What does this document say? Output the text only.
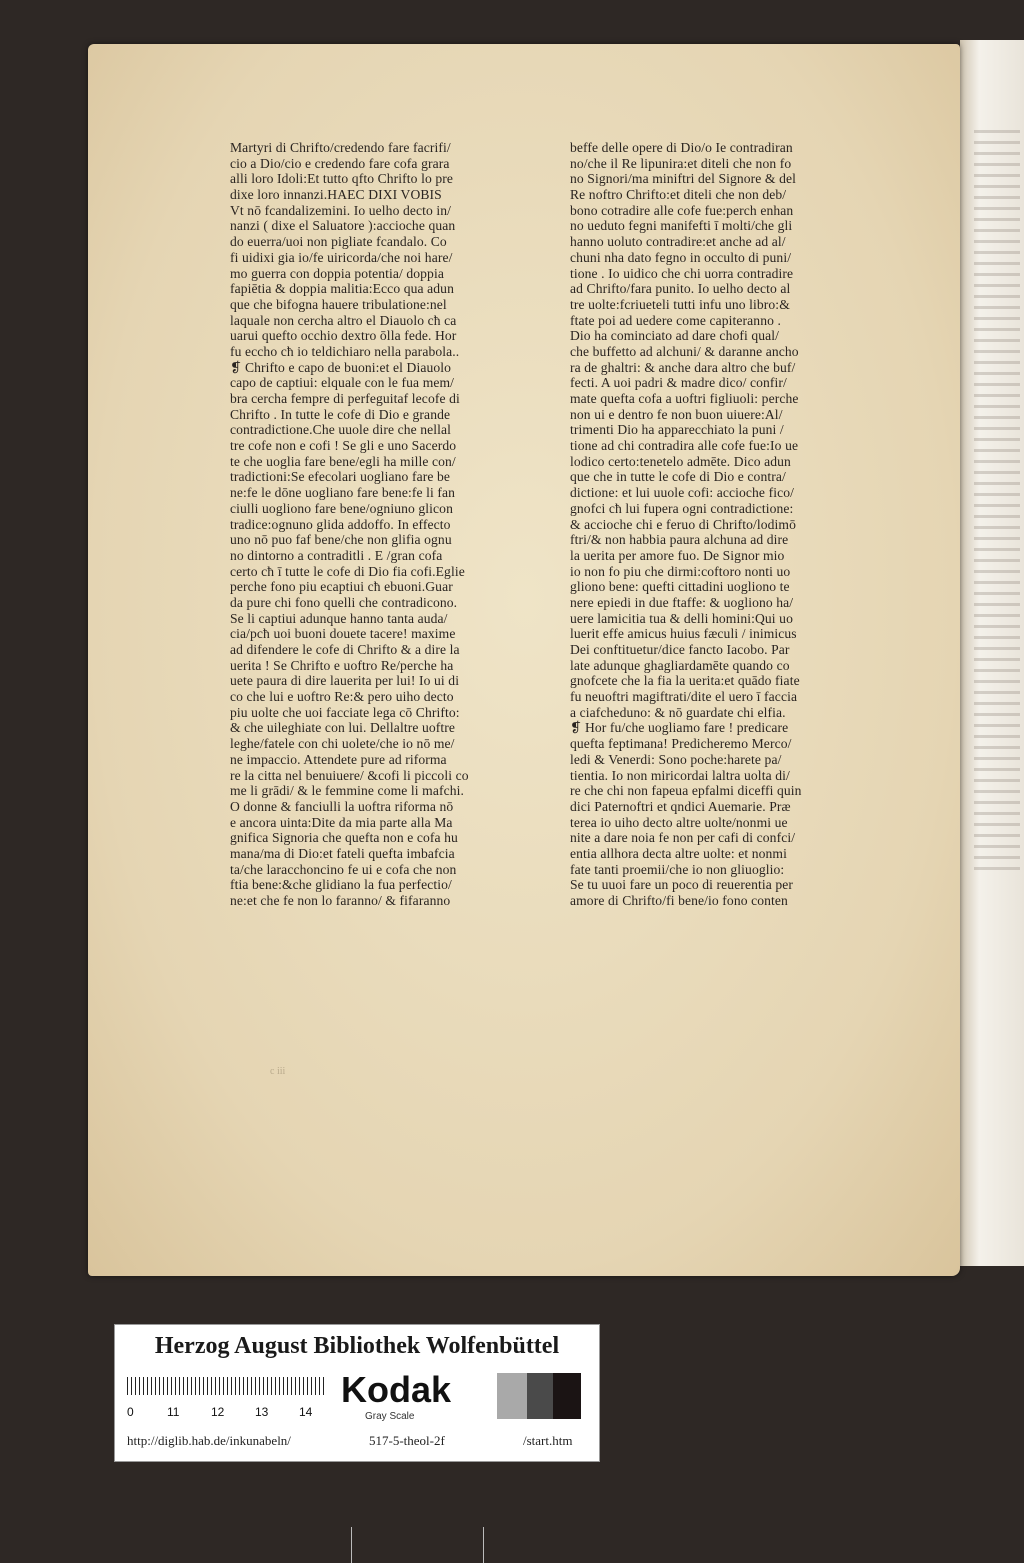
Martyri di Chrifto/credendo fare facrifi/
cio a Dio/cio e credendo fare cofa grara
alli loro Idoli:Et tutto qfto Chrifto lo pre
dixe loro innanzi.HAEC DIXI VOBIS
Vt nō fcandalizemini. Io uelho decto in/
nanzi ( dixe el Saluatore ):accioche quan
do euerra/uoi non pigliate fcandalo. Co
fi uidixi gia io/fe uiricorda/che noi hare/
mo guerra con doppia potentia/ doppia
fapiētia & doppia malitia:Ecco qua adun
que che bifogna hauere tribulatione:nel
laquale non cercha altro el Diauolo cħ ca
uarui quefto occhio dextro ōlla fede. Hor
fu eccho cħ io teldichiaro nella parabola..
❡ Chrifto e capo de buoni:et el Diauolo
capo de captiui: elquale con le fua mem/
bra cercha fempre di perfeguitaf lecofe di
Chrifto . In tutte le cofe di Dio e grande
contradictione.Che uuole dire che nellal
tre cofe non e cofi ! Se gli e uno Sacerdo
te che uoglia fare bene/egli ha mille con/
tradictioni:Se efecolari uogliano fare be
ne:fe le dōne uogliano fare bene:fe li fan
ciulli uogliono fare bene/ogniuno glicon
tradice:ognuno glida addoffo. In effecto
uno nō puo faf bene/che non glifia ognu
no dintorno a contraditli . E /gran cofa
certo cħ ī tutte le cofe di Dio fia cofi.Eglie
perche fono piu ecaptiui cħ ebuoni.Guar
da pure chi fono quelli che contradicono.
Se li captiui adunque hanno tanta auda/
cia/pcħ uoi buoni douete tacere! maxime
ad difendere le cofe di Chrifto & a dire la
uerita ! Se Chrifto e uoftro Re/perche ha
uete paura di dire lauerita per lui! Io ui di
co che lui e uoftro Re:& pero uiho decto
piu uolte che uoi facciate lega cō Chrifto:
& che uileghiate con lui. Dellaltre uoftre
leghe/fatele con chi uolete/che io nō me/
ne impaccio. Attendete pure ad riforma
re la citta nel benuiuere/ &cofi li piccoli co
me li grādi/ & le femmine come li mafchi.
O donne & fanciulli la uoftra riforma nō
e ancora uinta:Dite da mia parte alla Ma
gnifica Signoria che quefta non e cofa hu
mana/ma di Dio:et fateli quefta imbafcia
ta/che laracchoncino fe ui e cofa che non
ftia bene:&che glidiano la fua perfectio/
ne:et che fe non lo faranno/ & fifaranno
beffe delle opere di Dio/o Ie contradiran
no/che il Re lipunira:et diteli che non fo
no Signori/ma miniftri del Signore & del
Re noftro Chrifto:et diteli che non deb/
bono cotradire alle cofe fue:perch enhan
no ueduto fegni manifefti ī molti/che gli
hanno uoluto contradire:et anche ad al/
chuni nha dato fegno in occulto di puni/
tione . Io uidico che chi uorra contradire
ad Chrifto/fara punito. Io uelho decto al
tre uolte:fcriueteli tutti infu uno libro:&
ftate poi ad uedere come capiteranno .
Dio ha cominciato ad dare chofi qual/
che buffetto ad alchuni/ & daranne ancho
ra de ghaltri: & anche dara altro che buf/
fecti. A uoi padri & madre dico/ confir/
mate quefta cofa a uoftri figliuoli: perche
non ui e dentro fe non buon uiuere:Al/
trimenti Dio ha apparecchiato la puni /
tione ad chi contradira alle cofe fue:Io ue
lodico certo:tenetelo admēte. Dico adun
que che in tutte le cofe di Dio e contra/
dictione: et lui uuole cofi: accioche fico/
gnofci cħ lui fupera ogni contradictione:
& accioche chi e feruo di Chrifto/lodimō
ftri/& non habbia paura alchuna ad dire
la uerita per amore fuo. De Signor mio
io non fo piu che dirmi:coftoro nonti uo
gliono bene: quefti cittadini uogliono te
nere epiedi in due ftaffe: & uogliono ha/
uere lamicitia tua & delli homini:Qui uo
luerit effe amicus huius fæculi / inimicus
Dei conftituetur/dice fancto Iacobo. Par
late adunque ghagliardamēte quando co
gnofcete che la fia la uerita:et quādo fiate
fu neuoftri magiftrati/dite el uero ī faccia
a ciafcheduno: & nō guardate chi elfia.
❡ Hor fu/che uogliamo fare ! predicare
quefta feptimana! Predicheremo Merco/
ledi & Venerdi: Sono poche:harete pa/
tientia. Io non miricordai laltra uolta di/
re che chi non fapeua epfalmi diceffi quin
dici Paternoftri et qndici Auemarie. Præ
terea io uiho decto altre uolte/nonmi ue
nite a dare noia fe non per cafi di confci/
entia allhora decta altre uolte: et nonmi
fate tanti proemii/che io non gliuoglio:
Se tu uuoi fare un poco di reuerentia per
amore di Chrifto/fi bene/io fono conten
c iii
Herzog August Bibliothek Wolfenbüttel
0	11	12	13	14
Kodak
Gray Scale
http://diglib.hab.de/inkunabeln/	517-5-theol-2f	/start.htm
